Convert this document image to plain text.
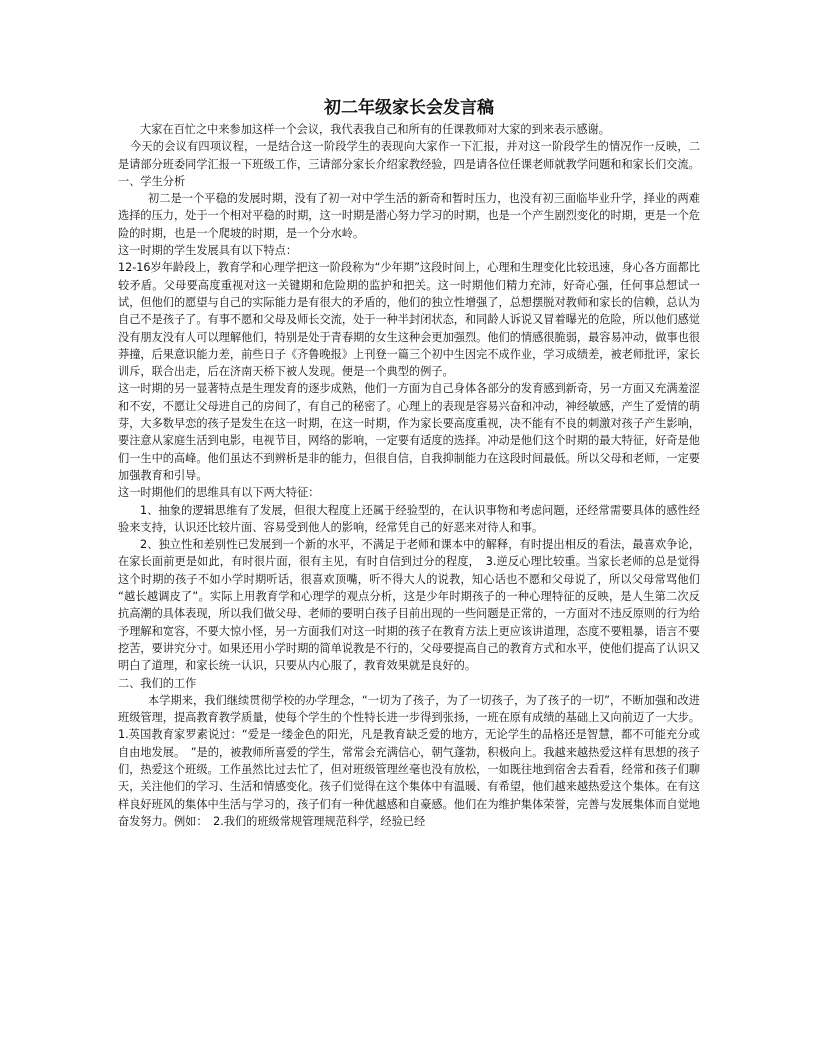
初二年级家长会发言稿

大家在百忙之中来参加这样一个会议，我代表我自己和所有的任课教师对大家的到来表示感谢。

今天的会议有四项议程，一是结合这一阶段学生的表现向大家作一下汇报，并对这一阶段学生的情况作一反映，二是请部分班委同学汇报一下班级工作，三请部分家长介绍家教经验，四是请各位任课老师就教学问题和和家长们交流。

一、学生分析

初二是一个平稳的发展时期，没有了初一对中学生活的新奇和暂时压力，也没有初三面临毕业升学，择业的两难选择的压力，处于一个相对平稳的时期，这一时期是潜心努力学习的时期，也是一个产生剧烈变化的时期，更是一个危险的时期，也是一个爬坡的时期，是一个分水岭。

这一时期的学生发展具有以下特点：

12-16岁年龄段上，教育学和心理学把这一阶段称为“少年期”这段时间上，心理和生理变化比较迅速，身心各方面都比较矛盾。父母要高度重视对这一关键期和危险期的监护和把关。这一时期他们精力充沛，好奇心强，任何事总想试一试，但他们的愿望与自己的实际能力是有很大的矛盾的，他们的独立性增强了，总想摆脱对教师和家长的信赖，总认为自己不是孩子了。有事不愿和父母及师长交流，处于一种半封闭状态，和同龄人诉说又冒着曝光的危险，所以他们感觉没有朋友没有人可以理解他们，特别是处于青春期的女生这种会更加强烈。他们的情感很脆弱，最容易冲动，做事也很莽撞，后果意识能力差，前些日子《齐鲁晚报》上刊登一篇三个初中生因完不成作业，学习成绩差，被老师批评，家长训斥，联合出走，后在济南天桥下被人发现。便是一个典型的例子。

这一时期的另一显著特点是生理发育的逐步成熟，他们一方面为自己身体各部分的发育感到新奇，另一方面又充满羞涩和不安，不愿让父母进自己的房间了，有自己的秘密了。心理上的表现是容易兴奋和冲动，神经敏感，产生了爱情的萌芽，大多数早恋的孩子是发生在这一时期，在这一时期，作为家长要高度重视，决不能有不良的刺激对孩子产生影响，要注意从家庭生活到电影，电视节目，网络的影响，一定要有适度的选择。冲动是他们这个时期的最大特征，好奇是他们一生中的高峰。他们虽达不到辨析是非的能力，但很自信，自我抑制能力在这段时间最低。所以父母和老师，一定要加强教育和引导。

这一时期他们的思维具有以下两大特征：

1、抽象的逻辑思维有了发展，但很大程度上还属于经验型的，在认识事物和考虑问题，还经常需要具体的感性经验来支持，认识还比较片面、容易受到他人的影响，经常凭自己的好恶来对待人和事。

2、独立性和差别性已发展到一个新的水平，不满足于老师和课本中的解释，有时提出相反的看法，最喜欢争论，在家长面前更是如此，有时很片面，很有主见，有时自信到过分的程度，　3.逆反心理比较重。当家长老师的总是觉得这个时期的孩子不如小学时期听话，很喜欢顶嘴，听不得大人的说教，知心话也不愿和父母说了，所以父母常骂他们 “越长越调皮了”。实际上用教育学和心理学的观点分析，这是少年时期孩子的一种心理特征的反映，是人生第二次反抗高潮的具体表现，所以我们做父母、老师的要明白孩子目前出现的一些问题是正常的，一方面对不违反原则的行为给予理解和宽容，不要大惊小怪，另一方面我们对这一时期的孩子在教育方法上更应该讲道理，态度不要粗暴，语言不要挖苦，要讲究分寸。如果还用小学时期的简单说教是不行的，父母要提高自己的教育方式和水平，使他们提高了认识又明白了道理，和家长统一认识，只要从内心服了，教育效果就是良好的。

二、我们的工作

本学期来，我们继续贯彻学校的办学理念，“一切为了孩子，为了一切孩子，为了孩子的一切”，不断加强和改进班级管理，提高教育教学质量，使每个学生的个性特长进一步得到张扬，一班在原有成绩的基础上又向前迈了一大步。 1.英国教育家罗素说过：“爱是一缕金色的阳光，凡是教育缺乏爱的地方，无论学生的品格还是智慧，都不可能充分或自由地发展。　”是的，被教师所喜爱的学生，常常会充满信心，朝气蓬勃，积极向上。我越来越热爱这样有思想的孩子们，热爱这个班级。工作虽然比过去忙了，但对班级管理丝毫也没有放松，一如既往地到宿舍去看看，经常和孩子们聊天，关注他们的学习、生活和情感变化。孩子们觉得在这个集体中有温暖、有希望，他们越来越热爱这个集体。在有这样良好班风的集体中生活与学习的，孩子们有一种优越感和自豪感。他们在为维护集体荣誉，完善与发展集体而自觉地奋发努力。例如：　2.我们的班级常规管理规范科学，经验已经
